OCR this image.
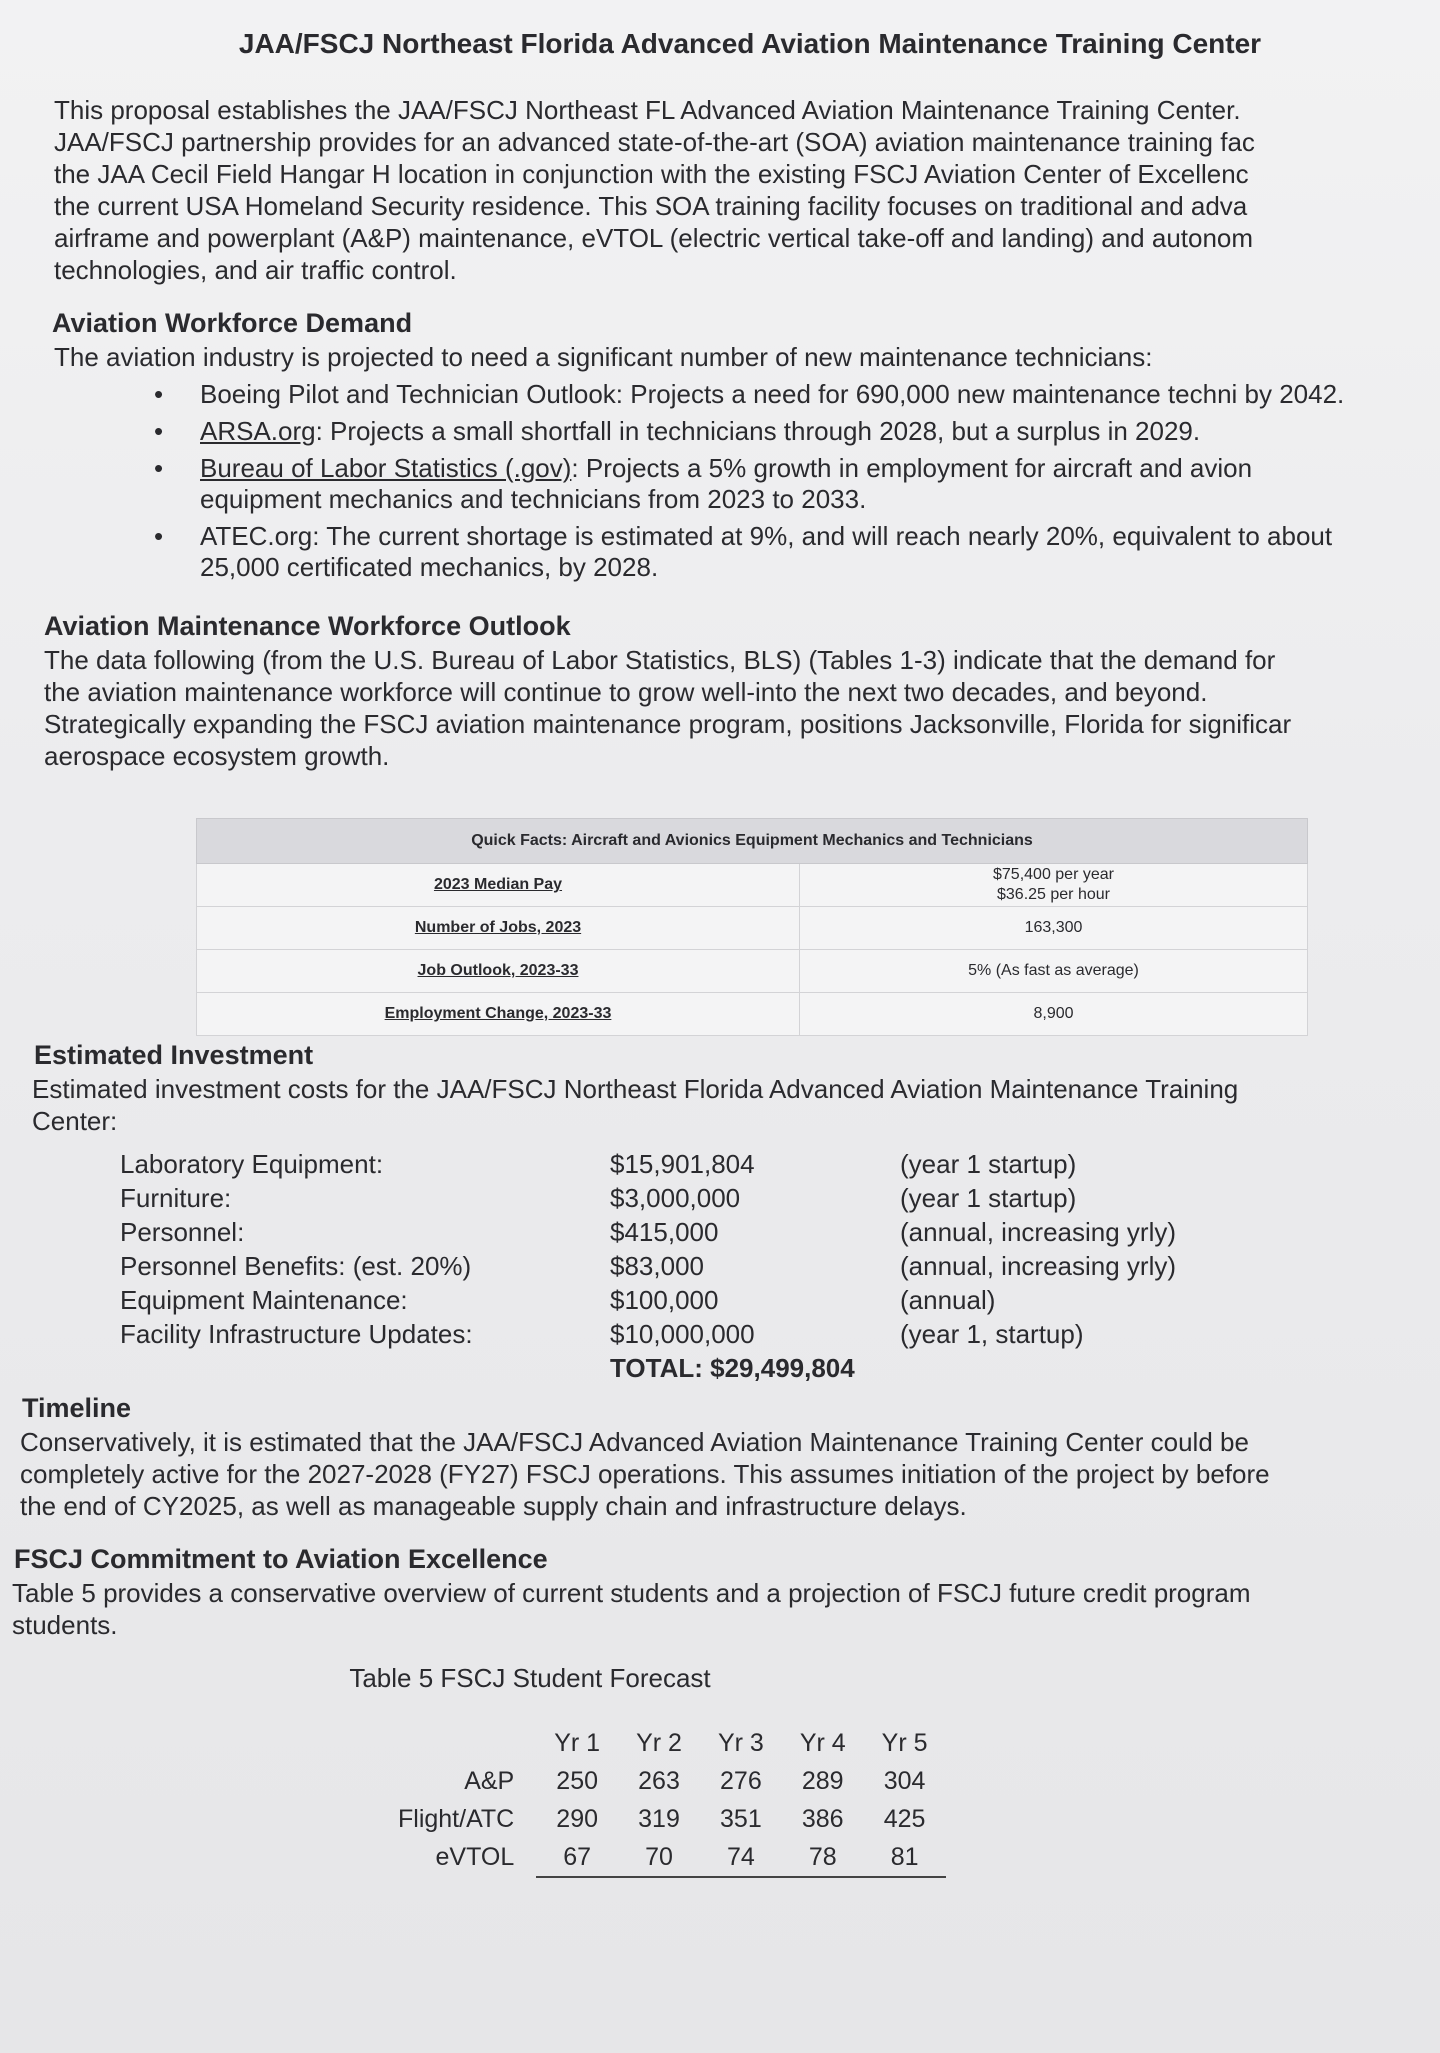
JAA/FSCJ Northeast Florida Advanced Aviation Maintenance Training Center

This proposal establishes the JAA/FSCJ Northeast FL Advanced Aviation Maintenance Training Center.

JAA/FSCJ partnership provides for an advanced state-of-the-art (SOA) aviation maintenance training fac

the JAA Cecil Field Hangar H location in conjunction with the existing FSCJ Aviation Center of Excellenc

the current USA Homeland Security residence. This SOA training facility focuses on traditional and adva

airframe and powerplant (A&P) maintenance, eVTOL (electric vertical take-off and landing) and autonom

technologies, and air traffic control.

Aviation Workforce Demand

The aviation industry is projected to need a significant number of new maintenance technicians:

• Boeing Pilot and Technician Outlook: Projects a need for 690,000 new maintenance techni by 2042.
• ARSA.org: Projects a small shortfall in technicians through 2028, but a surplus in 2029.
• Bureau of Labor Statistics (.gov): Projects a 5% growth in employment for aircraft and avion equipment mechanics and technicians from 2023 to 2033.
• ATEC.org: The current shortage is estimated at 9%, and will reach nearly 20%, equivalent to about 25,000 certificated mechanics, by 2028.
Aviation Maintenance Workforce Outlook

The data following (from the U.S. Bureau of Labor Statistics, BLS) (Tables 1-3) indicate that the demand for

the aviation maintenance workforce will continue to grow well-into the next two decades, and beyond.

Strategically expanding the FSCJ aviation maintenance program, positions Jacksonville, Florida for significar

aerospace ecosystem growth.

Quick Facts: Aircraft and Avionics Equipment Mechanics and Technicians	
2023 Median Pay	$75,400 per year
$36.25 per hour

Number of Jobs, 2023	163,300
Job Outlook, 2023-33	5% (As fast as average)
Employment Change, 2023-33	8,900
Estimated Investment

Estimated investment costs for the JAA/FSCJ Northeast Florida Advanced Aviation Maintenance Training

Center:

Laboratory Equipment:	$15,901,804	(year 1 startup)
Furniture:	$3,000,000	(year 1 startup)
Personnel:	$415,000	(annual, increasing yrly)
Personnel Benefits: (est. 20%)	$83,000	(annual, increasing yrly)
Equipment Maintenance:	$100,000	(annual)
Facility Infrastructure Updates:	$10,000,000	(year 1, startup)
TOTAL: $29,499,804
Timeline

Conservatively, it is estimated that the JAA/FSCJ Advanced Aviation Maintenance Training Center could be

completely active for the 2027-2028 (FY27) FSCJ operations. This assumes initiation of the project by before

the end of CY2025, as well as manageable supply chain and infrastructure delays.

FSCJ Commitment to Aviation Excellence

Table 5 provides a conservative overview of current students and a projection of FSCJ future credit program

students.

Table 5 FSCJ Student Forecast
	Yr 1	Yr 2	Yr 3	Yr 4	Yr 5
A&P	250	263	276	289	304
Flight/ATC	290	319	351	386	425
eVTOL	67	70	74	78	81
